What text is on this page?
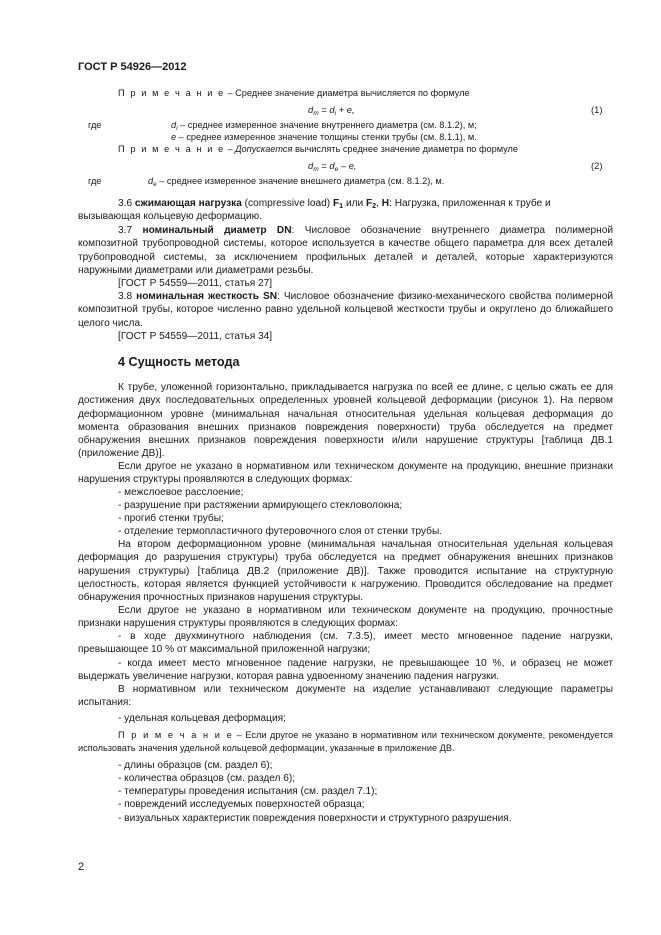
ГОСТ Р 54926—2012
П р и м е ч а н и е – Среднее значение диаметра вычисляется по формуле
$d_m = d_i + e$,	(1)
где	$d_i$ – среднее измеренное значение внутреннего диаметра (см. 8.1.2), м;
e – среднее измеренное значение толщины стенки трубы (см. 8.1.1), м.
П р и м е ч а н и е – Допускается вычислять среднее значение диаметра по формуле
$d_m = d_e - e$,	(2)
где	$d_e$ – среднее измеренное значение внешнего диаметра (см. 8.1.2), м.
3.6 сжимающая нагрузка (compressive load) $F_1$ или $F_2$, H: Нагрузка, приложенная к трубе и
вызывающая кольцевую деформацию.
3.7 номинальный диаметр DN: Числовое обозначение внутреннего диаметра полимерной композитной трубопроводной системы, которое используется в качестве общего параметра для всех деталей трубопроводной системы, за исключением профильных деталей и деталей, которые характеризуются наружными диаметрами или диаметрами резьбы.
[ГОСТ Р 54559—2011, статья 27]
3.8 номинальная жесткость SN: Числовое обозначение физико-механического свойства полимерной композитной трубы, которое численно равно удельной кольцевой жесткости трубы и округлено до ближайшего целого числа.
[ГОСТ Р 54559—2011, статья 34]
4 Сущность метода
К трубе, уложенной горизонтально, прикладывается нагрузка по всей ее длине, с целью сжать ее для достижения двух последовательных определенных уровней кольцевой деформации (рисунок 1). На первом деформационном уровне (минимальная начальная относительная удельная кольцевая деформация до момента образования внешних признаков повреждения поверхности) труба обследуется на предмет обнаружения внешних признаков повреждения поверхности и/или нарушение структуры [таблица ДВ.1 (приложение ДВ)].
Если другое не указано в нормативном или техническом документе на продукцию, внешние признаки нарушения структуры проявляются в следующих формах:
- межслоевое расслоение;
- разрушение при растяжении армирующего стекловолокна;
- прогиб стенки трубы;
- отделение термопластичного футеровочного слоя от стенки трубы.
На втором деформационном уровне (минимальная начальная относительная удельная кольцевая деформация до разрушения структуры) труба обследуется на предмет обнаружения внешних признаков нарушения структуры) [таблица ДВ.2 (приложение ДВ)]. Также проводится испытание на структурную целостность, которая является функцией устойчивости к нагружению. Проводится обследование на предмет обнаружения прочностных признаков нарушения структуры.
Если другое не указано в нормативном или техническом документе на продукцию, прочностные признаки нарушения структуры проявляются в следующих формах:
- в ходе двухминутного наблюдения (см. 7.3.5), имеет место мгновенное падение нагрузки, превышающее 10 % от максимальной приложенной нагрузки;
- когда имеет место мгновенное падение нагрузки, не превышающее 10 %, и образец не может выдержать увеличение нагрузки, которая равна удвоенному значению падения нагрузки.
В нормативном или техническом документе на изделие устанавливают следующие параметры испытания:
- удельная кольцевая деформация;
П р и м е ч а н и е – Если другое не указано в нормативном или техническом документе, рекомендуется использовать значения удельной кольцевой деформации, указанные в приложение ДВ.
- длины образцов (см. раздел 6);
- количества образцов (см. раздел 6);
- температуры проведения испытания (см. раздел 7.1);
- повреждений исследуемых поверхностей образца;
- визуальных характеристик повреждения поверхности и структурного разрушения.
2
